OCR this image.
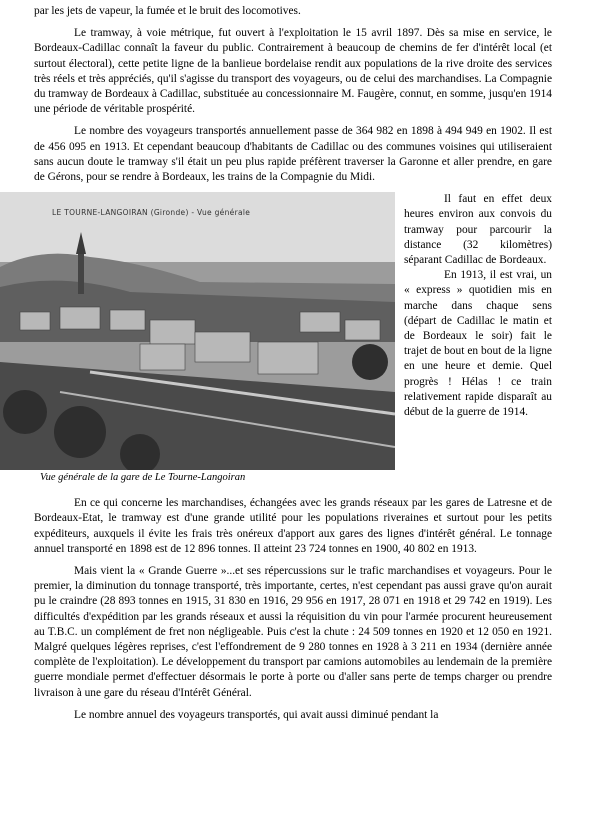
par les jets de vapeur, la fumée et le bruit des locomotives.

Le tramway, à voie métrique, fut ouvert à l'exploitation le 15 avril 1897. Dès sa mise en service, le Bordeaux-Cadillac connaît la faveur du public. Contrairement à beaucoup de chemins de fer d'intérêt local (et surtout électoral), cette petite ligne de la banlieue bordelaise rendit aux populations de la rive droite des services très réels et très appréciés, qu'il s'agisse du transport des voyageurs, ou de celui des marchandises. La Compagnie du tramway de Bordeaux à Cadillac, substituée au concessionnaire M. Faugère, connut, en somme, jusqu'en 1914 une période de véritable prospérité.

Le nombre des voyageurs transportés annuellement passe de 364 982 en 1898 à 494 949 en 1902. Il est de 456 095 en 1913. Et cependant beaucoup d'habitants de Cadillac ou des communes voisines qui utiliseraient sans aucun doute le tramway s'il était un peu plus rapide préfèrent traverser la Garonne et aller prendre, en gare de Gérons, pour se rendre à Bordeaux, les trains de la Compagnie du Midi.

LE TOURNE-LANGOIRAN (Gironde) - Vue générale
Vue générale de la gare de Le Tourne-Langoiran

Il faut en effet deux heures environ aux convois du tramway pour parcourir la distance (32 kilomètres) séparant Cadillac de Bordeaux.

En 1913, il est vrai, un « express » quotidien mis en marche dans chaque sens (départ de Cadillac le matin et de Bordeaux le soir) fait le trajet de bout en bout de la ligne en une heure et demie. Quel progrès ! Hélas ! ce train relativement rapide disparaît au début de la guerre de 1914.

En ce qui concerne les marchandises, échangées avec les grands réseaux par les gares de Latresne et de Bordeaux-Etat, le tramway est d'une grande utilité pour les populations riveraines et surtout pour les petits expéditeurs, auxquels il évite les frais très onéreux d'apport aux gares des lignes d'intérêt général. Le tonnage annuel transporté en 1898 est de 12 896 tonnes. Il atteint 23 724 tonnes en 1900, 40 802 en 1913.

Mais vient la « Grande Guerre »...et ses répercussions sur le trafic marchandises et voyageurs. Pour le premier, la diminution du tonnage transporté, très importante, certes, n'est cependant pas aussi grave qu'on aurait pu le craindre (28 893 tonnes en 1915, 31 830 en 1916, 29 956 en 1917, 28 071 en 1918 et 29 742 en 1919). Les difficultés d'expédition par les grands réseaux et aussi la réquisition du vin pour l'armée procurent heureusement au T.B.C. un complément de fret non négligeable. Puis c'est la chute : 24 509 tonnes en 1920 et 12 050 en 1921. Malgré quelques légères reprises, c'est l'effondrement de 9 280 tonnes en 1928 à 3 211 en 1934 (dernière année complète de l'exploitation). Le développement du transport par camions automobiles au lendemain de la première guerre mondiale permet d'effectuer désormais le porte à porte ou d'aller sans perte de temps charger ou prendre livraison à une gare du réseau d'Intérêt Général.

Le nombre annuel des voyageurs transportés, qui avait aussi diminué pendant la
